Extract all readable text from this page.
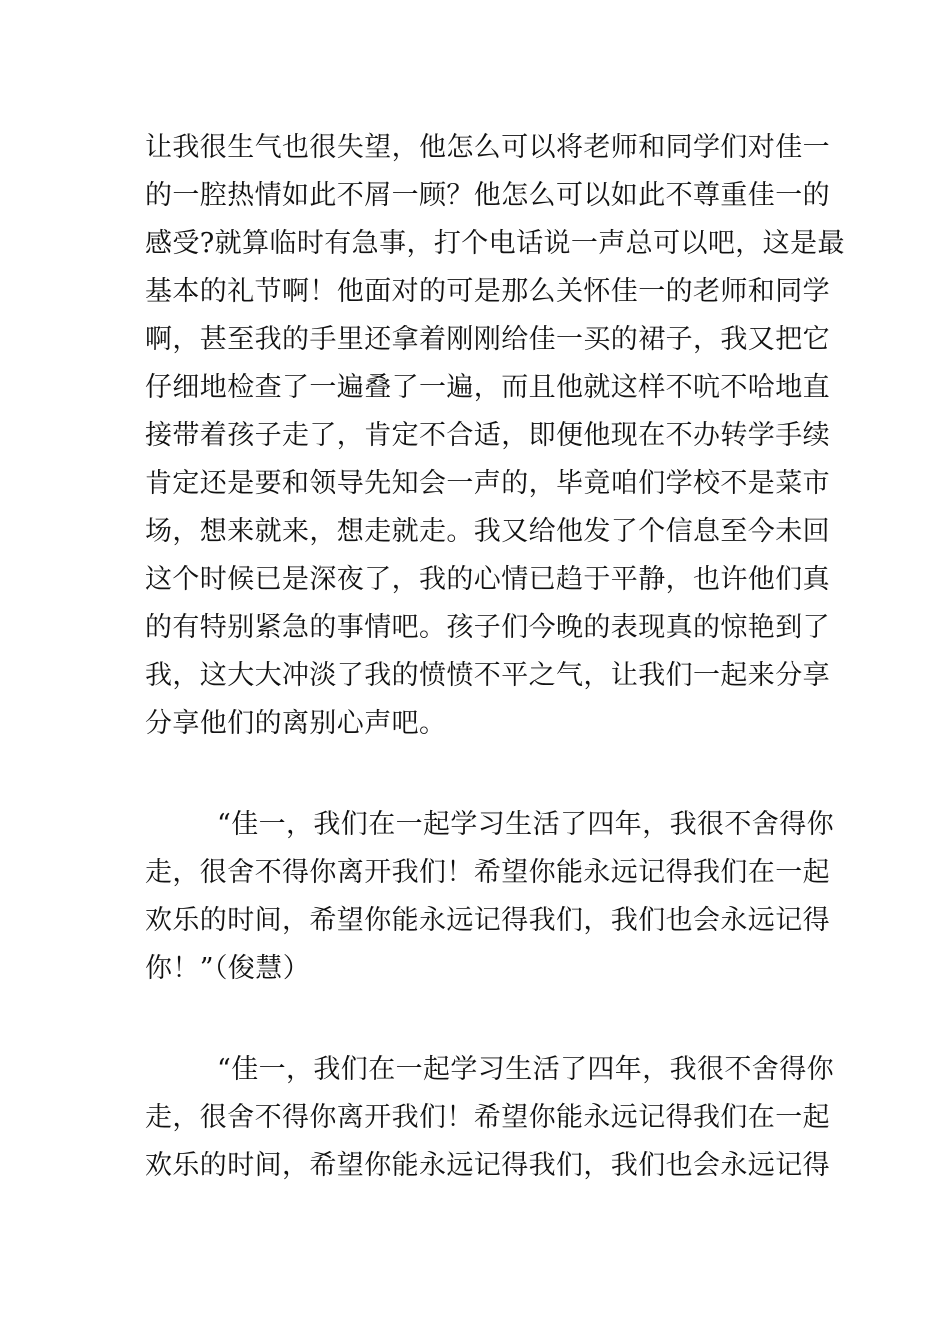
让我很生气也很失望，他怎么可以将老师和同学们对佳一
的一腔热情如此不屑一顾？他怎么可以如此不尊重佳一的
感受?就算临时有急事，打个电话说一声总可以吧，这是最
基本的礼节啊！他面对的可是那么关怀佳一的老师和同学
啊，甚至我的手里还拿着刚刚给佳一买的裙子，我又把它
仔细地检查了一遍叠了一遍，而且他就这样不吭不哈地直
接带着孩子走了，肯定不合适，即便他现在不办转学手续
肯定还是要和领导先知会一声的，毕竟咱们学校不是菜市
场，想来就来，想走就走。我又给他发了个信息至今未回
这个时候已是深夜了，我的心情已趋于平静，也许他们真
的有特别紧急的事情吧。孩子们今晚的表现真的惊艳到了
我，这大大冲淡了我的愤愤不平之气，让我们一起来分享
分享他们的离别心声吧。
“佳一，我们在一起学习生活了四年，我很不舍得你
走，很舍不得你离开我们！希望你能永远记得我们在一起
欢乐的时间，希望你能永远记得我们，我们也会永远记得
你！”（俊慧）
“佳一，我们在一起学习生活了四年，我很不舍得你
走，很舍不得你离开我们！希望你能永远记得我们在一起
欢乐的时间，希望你能永远记得我们，我们也会永远记得
